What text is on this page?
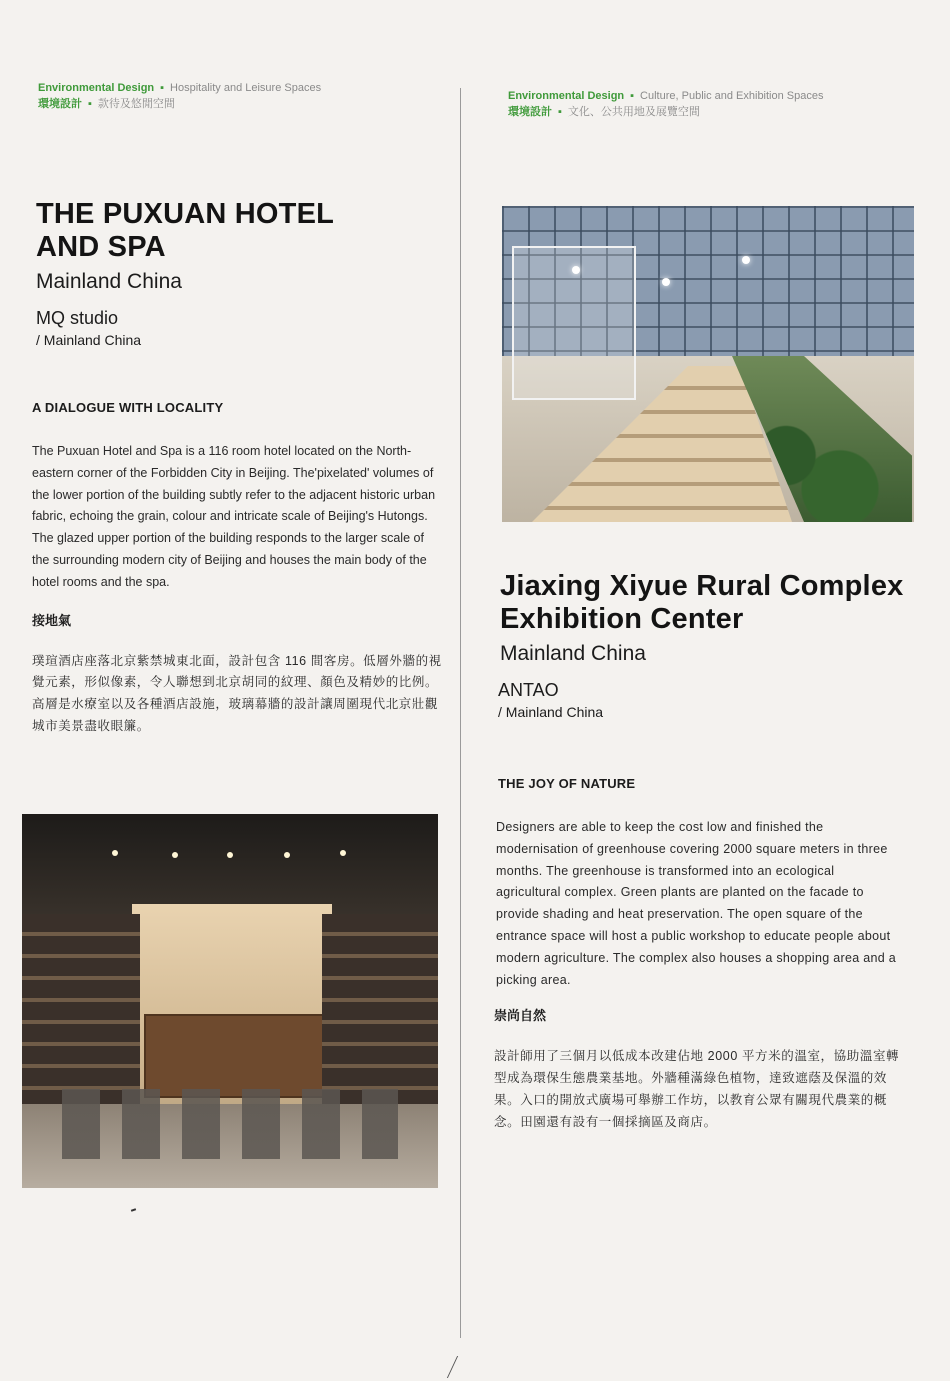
Environmental Design ▪ Hospitality and Leisure Spaces
環境設計 ▪ 款待及悠閒空間
THE PUXUAN HOTEL AND SPA
Mainland China
MQ studio
/ Mainland China
A DIALOGUE WITH LOCALITY

The Puxuan Hotel and Spa is a 116 room hotel located on the North-eastern corner of the Forbidden City in Beijing. The'pixelated' volumes of the lower portion of the building subtly refer to the adjacent historic urban fabric, echoing the grain, colour and intricate scale of Beijing's Hutongs. The glazed upper portion of the building responds to the larger scale of the surrounding modern city of Beijing and houses the main body of the hotel rooms and the spa.

接地氣

璞瑄酒店座落北京紫禁城東北面，設計包含 116 間客房。低層外牆的視覺元素，形似像素，令人聯想到北京胡同的紋理、顏色及精妙的比例。高層是水療室以及各種酒店設施，玻璃幕牆的設計讓周圍現代北京壯觀城市美景盡收眼簾。

Environmental Design ▪ Culture, Public and Exhibition Spaces
環境設計 ▪ 文化、公共用地及展覽空間
Jiaxing Xiyue Rural Complex Exhibition Center
Mainland China
ANTAO
/ Mainland China
THE JOY OF NATURE

Designers are able to keep the cost low and finished the modernisation of greenhouse covering 2000 square meters in three months. The greenhouse is transformed into an ecological agricultural complex. Green plants are planted on the facade to provide shading and heat preservation. The open square of the entrance space will host a public workshop to educate people about modern agriculture. The complex also houses a shopping area and a picking area.

崇尚自然

設計師用了三個月以低成本改建佔地 2000 平方米的溫室，協助溫室轉型成為環保生態農業基地。外牆種滿綠色植物，達致遮蔭及保溫的效果。入口的開放式廣場可舉辦工作坊，以教育公眾有關現代農業的概念。田園還有設有一個採摘區及商店。
